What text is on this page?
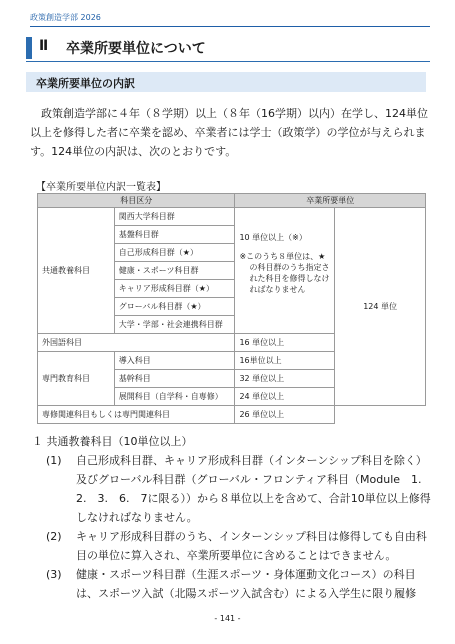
政策創造学部 2026
Ⅱ 卒業所要単位について
卒業所要単位の内訳

政策創造学部に４年（８学期）以上（８年（16学期）以内）在学し、124単位以上を修得した者に卒業を認め、卒業者には学士（政策学）の学位が与えられます。124単位の内訳は、次のとおりです。

【卒業所要単位内訳一覧表】
科目区分		卒業所要単位	
共通教養科目	関西大学科目群	10 単位以上（※）
※このうち８単位は、★の科目群のうち指定された科目を修得しなければなりません	124 単位
	基盤科目群		
	自己形成科目群（★）		
	健康・スポーツ科目群		
	キャリア形成科目群（★）		
	グローバル科目群（★）		
	大学・学部・社会連携科目群		
外国語科目		16 単位以上	
専門教育科目	導入科目	16単位以上	
	基幹科目	32 単位以上	
	展開科目（自学科・自専修）	24 単位以上	
専修関連科目もしくは専門関連科目		26 単位以上	

１ 共通教養科目（10単位以上）

(1) 自己形成科目群、キャリア形成科目群（インターンシップ科目を除く）及びグローバル科目群（グローバル・フロンティア科目（Module　1.　2.　3.　6.　7に限る））から８単位以上を含めて、合計10単位以上修得しなければなりません。

(2) キャリア形成科目群のうち、インターンシップ科目は修得しても自由科目の単位に算入され、卒業所要単位に含めることはできません。

(3) 健康・スポーツ科目群（生涯スポーツ・身体運動文化コース）の科目は、スポーツ入試（北陽スポーツ入試含む）による入学生に限り履修

- 141 -
